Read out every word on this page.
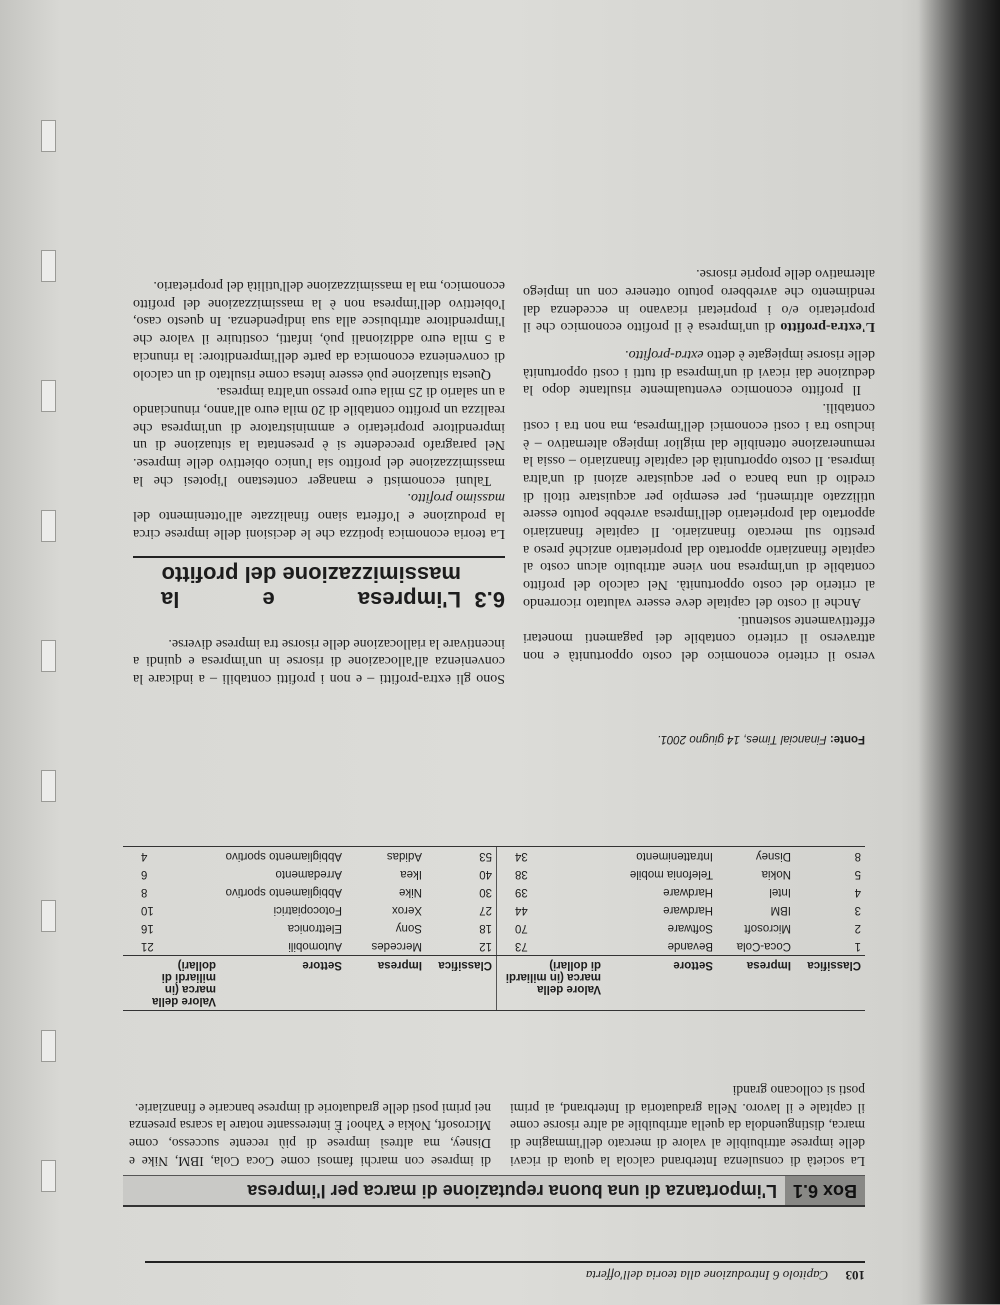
103 Capitolo 6 Introduzione alla teoria dell'offerta
Box 6.1L'importanza di una buona reputazione di marca per l'impresa
La società di consulenza Interbrand calcola la quota di ricavi delle imprese attribuibile al valore di mercato dell'immagine di marca, distinguendola da quella attribuibile ad altre risorse come il capitale e il lavoro. Nella graduatoria di Interbrand, ai primi posti si collocano grandi
di imprese con marchi famosi come Coca Cola, IBM, Nike e Disney, ma altresì imprese di più recente successo, come Microsoft, Nokia e Yahoo! È interessante notare la scarsa presenza nei primi posti delle graduatorie di imprese bancarie e finanziarie.
Classifica	Impresa	Settore	Valore della marca (in miliardi di dollari)	Classifica	Impresa	Settore	Valore della marca (in miliardi di dollari)
1	Coca-Cola	Bevande	73	12	Mercedes	Automobili	21
2	Microsoft	Software	70	18	Sony	Elettronica	16
3	IBM	Hardware	44	27	Xerox	Fotocopiatrici	10
4	Intel	Hardware	39	30	Nike	Abbigliamento sportivo	8
5	Nokia	Telefonia mobile	38	40	Ikea	Arredamento	6
8	Disney	Intrattenimento	34	53	Adidas	Abbigliamento sportivo	4
Fonte: Financial Times, 14 giugno 2001.

verso il criterio economico del costo opportunità e non attraverso il criterio contabile dei pagamenti monetari effettivamente sostenuti.

Anche il costo del capitale deve essere valutato ricorrendo al criterio del costo opportunità. Nel calcolo del profitto contabile di un'impresa non viene attribuito alcun costo al capitale finanziario apportato dal proprietario anziché preso a prestito sul mercato finanziario. Il capitale finanziario apportato dal proprietario dell'impresa avrebbe potuto essere utilizzato altrimenti, per esempio per acquistare titoli di credito di una banca o per acquistare azioni di un'altra impresa. Il costo opportunità del capitale finanziario – ossia la remunerazione ottenibile dal miglior impiego alternativo – è incluso tra i costi economici dell'impresa, ma non tra i costi contabili.

Il profitto economico eventualmente risultante dopo la deduzione dai ricavi di un'impresa di tutti i costi opportunità delle risorse impiegate è detto extra-profitto.

L'extra-profitto di un'impresa è il profitto economico che il proprietario e/o i proprietari ricavano in eccedenza dal rendimento che avrebbero potuto ottenere con un impiego alternativo delle proprie risorse.

Sono gli extra-profitti – e non i profitti contabili – a indicare la convenienza all'allocazione di risorse in un'impresa e quindi a incentivare la riallocazione delle risorse tra imprese diverse.

6.3L'impresa e la massimizzazione del profitto

La teoria economica ipotizza che le decisioni delle imprese circa la produzione e l'offerta siano finalizzate all'ottenimento del massimo profitto.

Taluni economisti e manager contestano l'ipotesi che la massimizzazione del profitto sia l'unico obiettivo delle imprese. Nel paragrafo precedente si è presentata la situazione di un imprenditore proprietario e amministratore di un'impresa che realizza un profitto contabile di 20 mila euro all'anno, rinunciando a un salario di 25 mila euro presso un'altra impresa.

Questa situazione può essere intesa come risultato di un calcolo di convenienza economica da parte dell'imprenditore: la rinuncia a 5 mila euro addizionali può, infatti, costituire il valore che l'imprenditore attribuisce alla sua indipendenza. In questo caso, l'obiettivo dell'impresa non è la massimizzazione del profitto economico, ma la massimizzazione dell'utilità del proprietario.
